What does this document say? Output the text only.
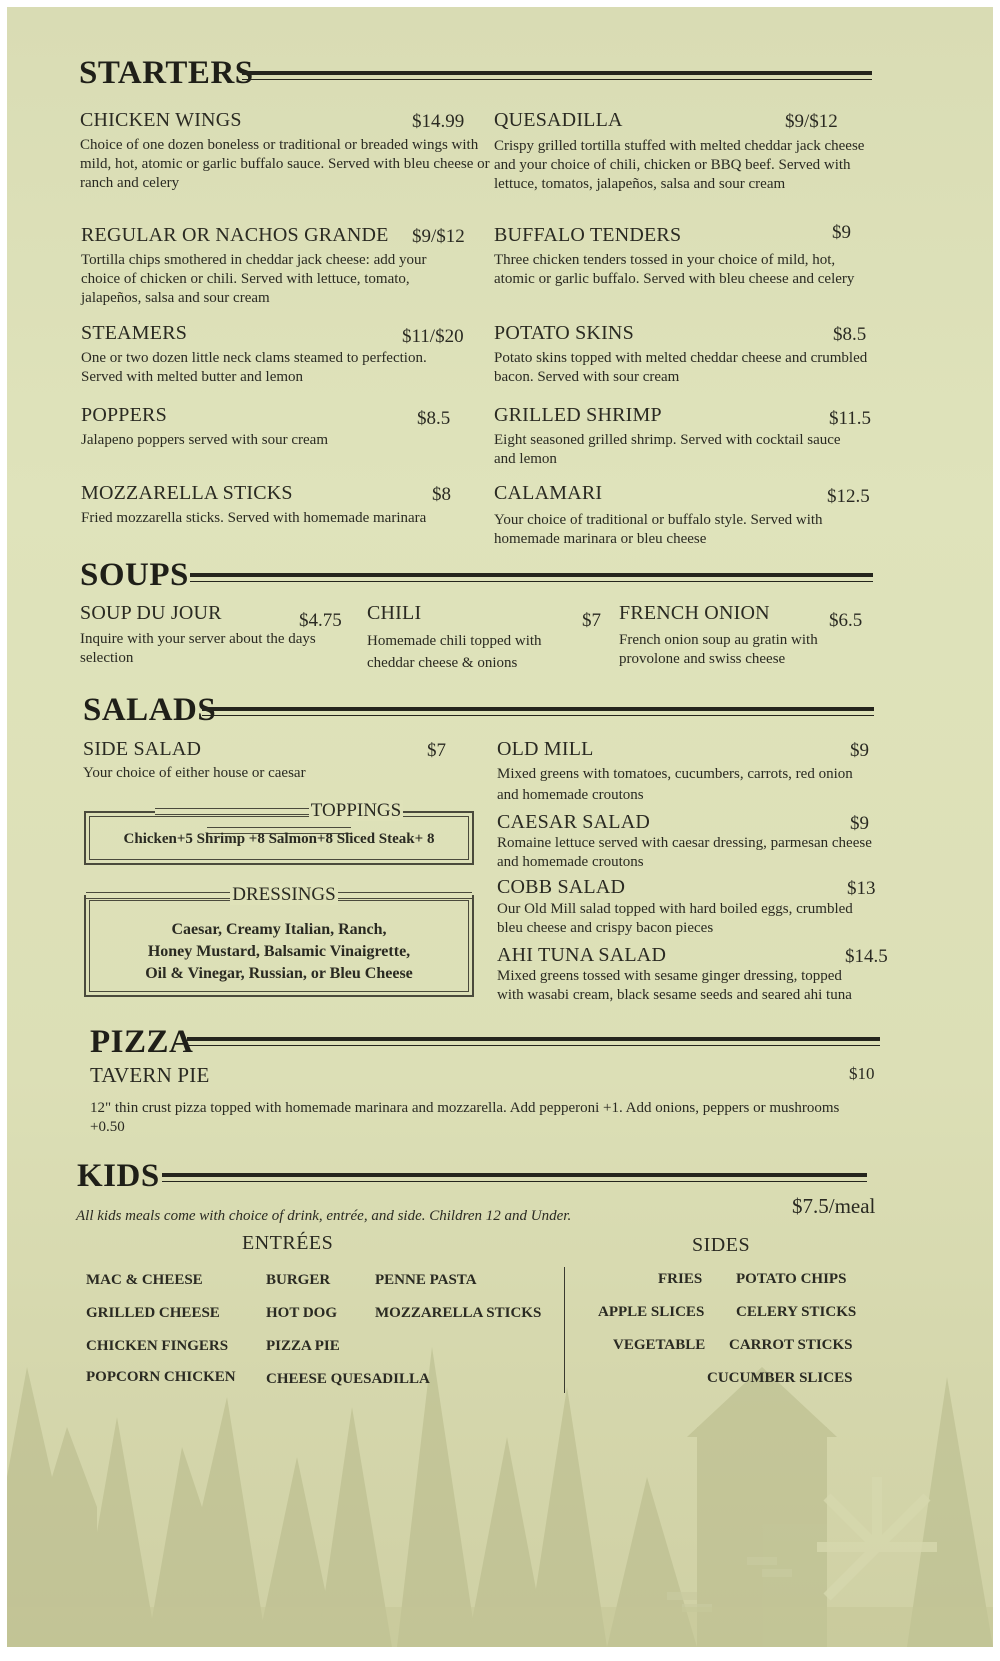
STARTERS
CHICKEN WINGS	$14.99
Choice of one dozen boneless or traditional or breaded wings with mild, hot, atomic or garlic buffalo sauce. Served with bleu cheese or ranch and celery
QUESADILLA	$9/$12
Crispy grilled tortilla stuffed with melted cheddar jack cheese and your choice of chili, chicken or BBQ beef. Served with lettuce, tomatos, jalapeños, salsa and sour cream
REGULAR OR NACHOS GRANDE $9/$12
Tortilla chips smothered in cheddar jack cheese: add your choice of chicken or chili. Served with lettuce, tomato, jalapeños, salsa and sour cream
BUFFALO TENDERS	$9
Three chicken tenders tossed in your choice of mild, hot, atomic or garlic buffalo. Served with bleu cheese and celery
STEAMERS	$11/$20
One or two dozen little neck clams steamed to perfection. Served with melted butter and lemon
POTATO SKINS	$8.5
Potato skins topped with melted cheddar cheese and crumbled bacon. Served with sour cream
POPPERS	$8.5
Jalapeno poppers served with sour cream
GRILLED SHRIMP	$11.5
Eight seasoned grilled shrimp. Served with cocktail sauce and lemon
MOZZARELLA STICKS	$8
Fried mozzarella sticks. Served with homemade marinara
CALAMARI	$12.5
Your choice of traditional or buffalo style. Served with homemade marinara or bleu cheese
SOUPS
SOUP DU JOUR	$4.75
Inquire with your server about the days selection
CHILI	$7
Homemade chili topped with cheddar cheese & onions
FRENCH ONION	$6.5
French onion soup au gratin with provolone and swiss cheese
SALADS
SIDE SALAD	$7
Your choice of either house or caesar
OLD MILL	$9
Mixed greens with tomatoes, cucumbers, carrots, red onion and homemade croutons
CAESAR SALAD	$9
Romaine lettuce served with caesar dressing, parmesan cheese and homemade croutons
COBB SALAD	$13
Our Old Mill salad topped with hard boiled eggs, crumbled bleu cheese and crispy bacon pieces
AHI TUNA SALAD	$14.5
Mixed greens tossed with sesame ginger dressing, topped with wasabi cream, black sesame seeds and seared ahi tuna
TOPPINGS
Chicken+5 Shrimp +8 Salmon+8 Sliced Steak+ 8
DRESSINGS
Caesar, Creamy Italian, Ranch,
Honey Mustard, Balsamic Vinaigrette,
Oil & Vinegar, Russian, or Bleu Cheese
PIZZA
TAVERN PIE	$10
12" thin crust pizza topped with homemade marinara and mozzarella. Add pepperoni +1. Add onions, peppers or mushrooms +0.50
KIDS
All kids meals come with choice of drink, entrée, and side. Children 12 and Under.	$7.5/meal
ENTRÉES	SIDES
MAC & CHEESE
GRILLED CHEESE
CHICKEN FINGERS
POPCORN CHICKEN
BURGER
HOT DOG
PIZZA PIE
CHEESE QUESADILLA
PENNE PASTA
MOZZARELLA STICKS
FRIES
APPLE SLICES
VEGETABLE
POTATO CHIPS
CELERY STICKS
CARROT STICKS
CUCUMBER SLICES
